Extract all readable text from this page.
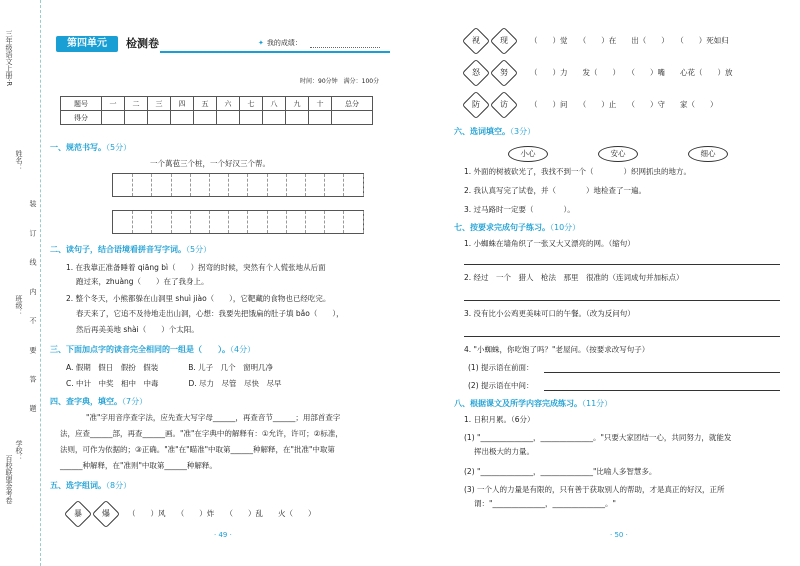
三年级语文上册·R
百校联盟金考卷
姓名：
班级：
学校：
装 订 线 内 不 要 答 题
第四单元	检测卷	✦ 我的成绩：
时间：90分钟　满分：100分
题号	一	二	三	四	五	六	七	八	九	十	总分
得分											
一、规范书写。（5分）
一个萬苞三个桩，一个好汉三个帮。
二、读句子，结合语境看拼音写字词。（5分）
1. 在我靠正准备睡着 qiāng bì（　　）拐弯的时候，突然有个人慌张地从后面
跑过来，zhuàng（　　）在了我身上。
2. 整个冬天，小熊都躲在山洞里 shuì jiào（　　），它靶藏的食物也已经吃完。
春天来了，它追不及待地走出山洞，心想：我要先把饿扁的肚子填 bǎo（　　），
然后再美美地 shài（　　）个太阳。
三、下面加点字的读音完全相同的一组是（　　）。（4分）
A. 假期　假日　假扮　假装　　　　B. 儿子　几个　窗明几净
C. 中计　中奖　相中　中毒　　　　D. 尽力　尽管　尽快　尽早
四、查字典，填空。（7分）
"准"字用音序查字法，应先查大写字母______，再查音节______；用部首查字
法，应查______部，再查______画。"准"在字典中的解释有：①允许，许可；②标准，
法则，可作为依据的；③正确。"准"在"瞄准"中取第______种解释，在"批准"中取第
______种解释，在"准则"中取第______种解释。
五、选字组词。（8分）
暴	爆	（　　）风　　（　　）炸　　（　　）乱　　火（　　）
· 49 ·
视	现	（　　）觉　　（　　）在　　出（　　）　　（　　）死如归
怒	努	（　　）力　　发（　　）　　（　　）嘴　　心花（　　）放
防	访	（　　）问　　（　　）止　　（　　）守　　家（　　）
六、选词填空。（3分）
小心	安心	细心
1. 外面的树被砍光了，我找不到一个（　　　　）织网抓虫的地方。
2. 我认真写完了试卷，并（　　　　）地检查了一遍。
3. 过马路时一定要（　　　　）。
七、按要求完成句子练习。（10分）
1. 小蜘蛛在墙角织了一张又大又漂亮的网。（缩句）
2. 经过　一个　猎人　枪法　那里　很准的（连词成句并加标点）
3. 没有比小公鸡更美味可口的午餐。（改为反问句）
4. "小蜘蛛，你吃饱了吗？"老屋问。（按要求改写句子）
(1) 提示语在前面：
(2) 提示语在中间：
八、根据课文及所学内容完成练习。（11分）
1. 日积月累。（6分）
(1) "______________，______________。"只要大家团结一心，共同努力，就能发
挥出极大的力量。
(2) "______________，______________"比喻人多智慧多。
(3) 一个人的力量是有限的，只有善于获取别人的帮助，才是真正的好汉，正所
谓："______________，______________。"
· 50 ·
